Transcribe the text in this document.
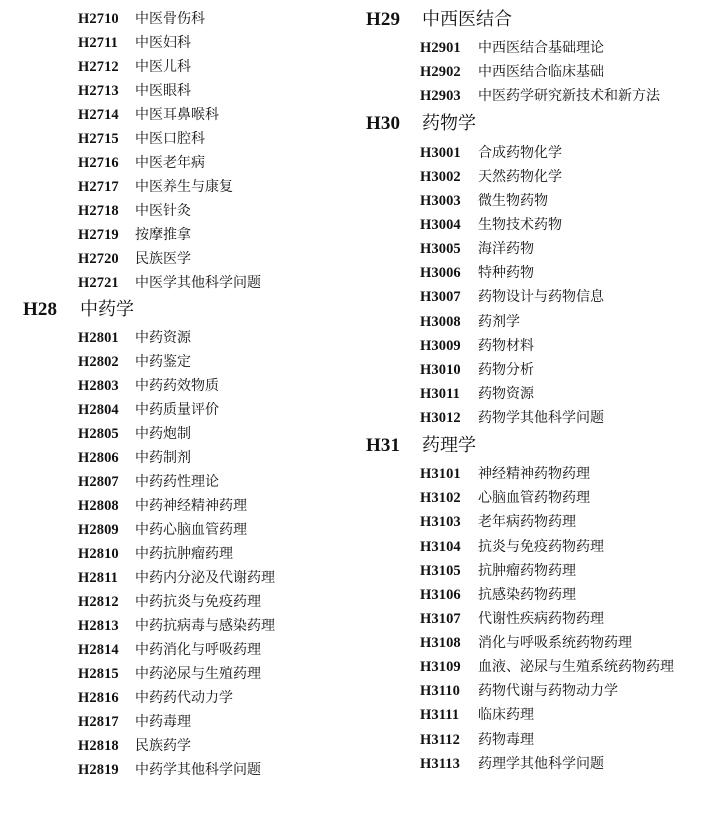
H2710 中医骨伤科
H2711 中医妇科
H2712 中医儿科
H2713 中医眼科
H2714 中医耳鼻喉科
H2715 中医口腔科
H2716 中医老年病
H2717 中医养生与康复
H2718 中医针灸
H2719 按摩推拿
H2720 民族医学
H2721 中医学其他科学问题
H28 中药学
H2801 中药资源
H2802 中药鉴定
H2803 中药药效物质
H2804 中药质量评价
H2805 中药炮制
H2806 中药制剂
H2807 中药药性理论
H2808 中药神经精神药理
H2809 中药心脑血管药理
H2810 中药抗肿瘤药理
H2811 中药内分泌及代谢药理
H2812 中药抗炎与免疫药理
H2813 中药抗病毒与感染药理
H2814 中药消化与呼吸药理
H2815 中药泌尿与生殖药理
H2816 中药药代动力学
H2817 中药毒理
H2818 民族药学
H2819 中药学其他科学问题
H29 中西医结合
H2901 中西医结合基础理论
H2902 中西医结合临床基础
H2903 中医药学研究新技术和新方法
H30 药物学
H3001 合成药物化学
H3002 天然药物化学
H3003 微生物药物
H3004 生物技术药物
H3005 海洋药物
H3006 特种药物
H3007 药物设计与药物信息
H3008 药剂学
H3009 药物材料
H3010 药物分析
H3011 药物资源
H3012 药物学其他科学问题
H31 药理学
H3101 神经精神药物药理
H3102 心脑血管药物药理
H3103 老年病药物药理
H3104 抗炎与免疫药物药理
H3105 抗肿瘤药物药理
H3106 抗感染药物药理
H3107 代谢性疾病药物药理
H3108 消化与呼吸系统药物药理
H3109 血液、泌尿与生殖系统药物药理
H3110 药物代谢与药物动力学
H3111 临床药理
H3112 药物毒理
H3113 药理学其他科学问题
